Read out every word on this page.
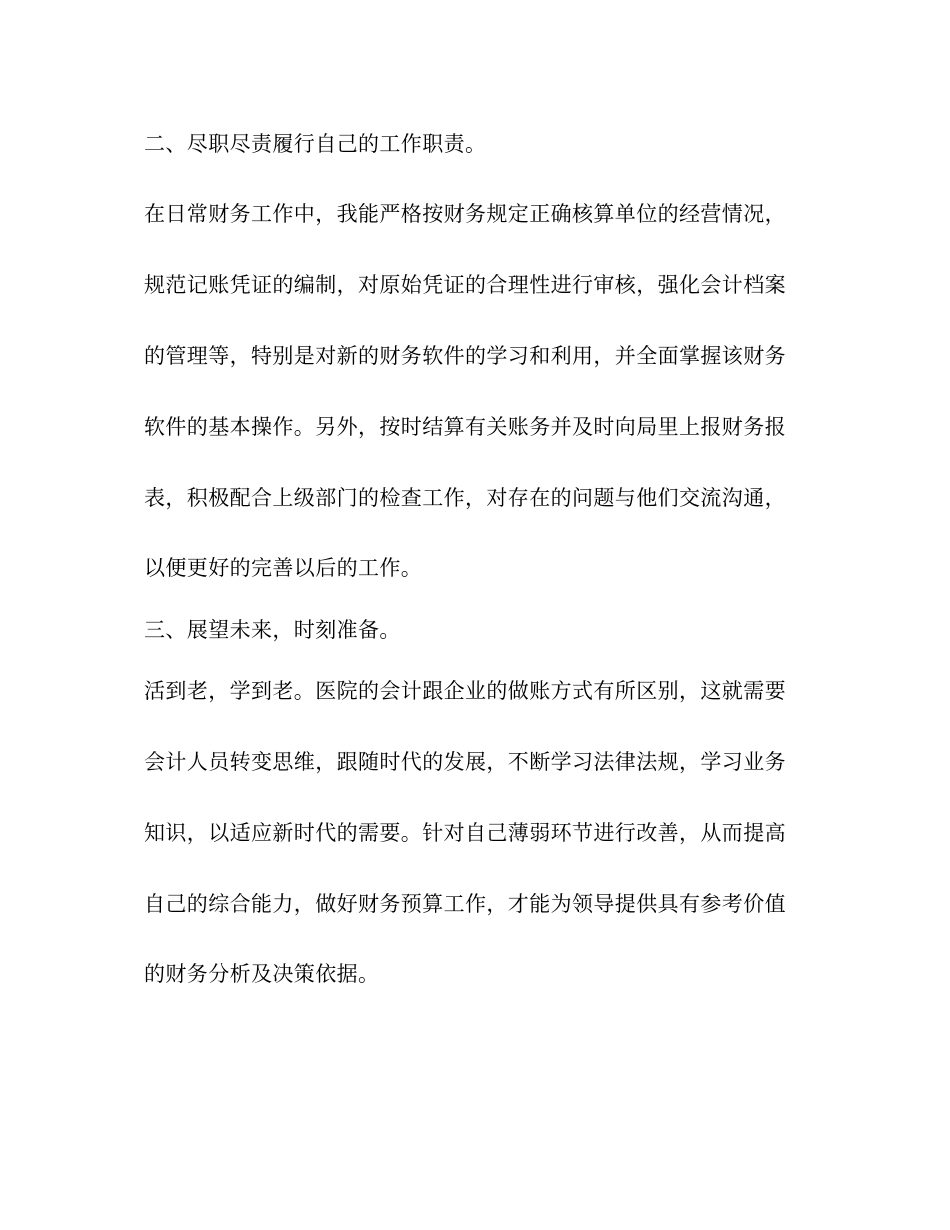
二、尽职尽责履行自己的工作职责。
在日常财务工作中，我能严格按财务规定正确核算单位的经营情况，
规范记账凭证的编制，对原始凭证的合理性进行审核，强化会计档案
的管理等，特别是对新的财务软件的学习和利用，并全面掌握该财务
软件的基本操作。另外，按时结算有关账务并及时向局里上报财务报
表，积极配合上级部门的检查工作，对存在的问题与他们交流沟通，
以便更好的完善以后的工作。
三、展望未来，时刻准备。
活到老，学到老。医院的会计跟企业的做账方式有所区别，这就需要
会计人员转变思维，跟随时代的发展，不断学习法律法规，学习业务
知识，以适应新时代的需要。针对自己薄弱环节进行改善，从而提高
自己的综合能力，做好财务预算工作，才能为领导提供具有参考价值
的财务分析及决策依据。
